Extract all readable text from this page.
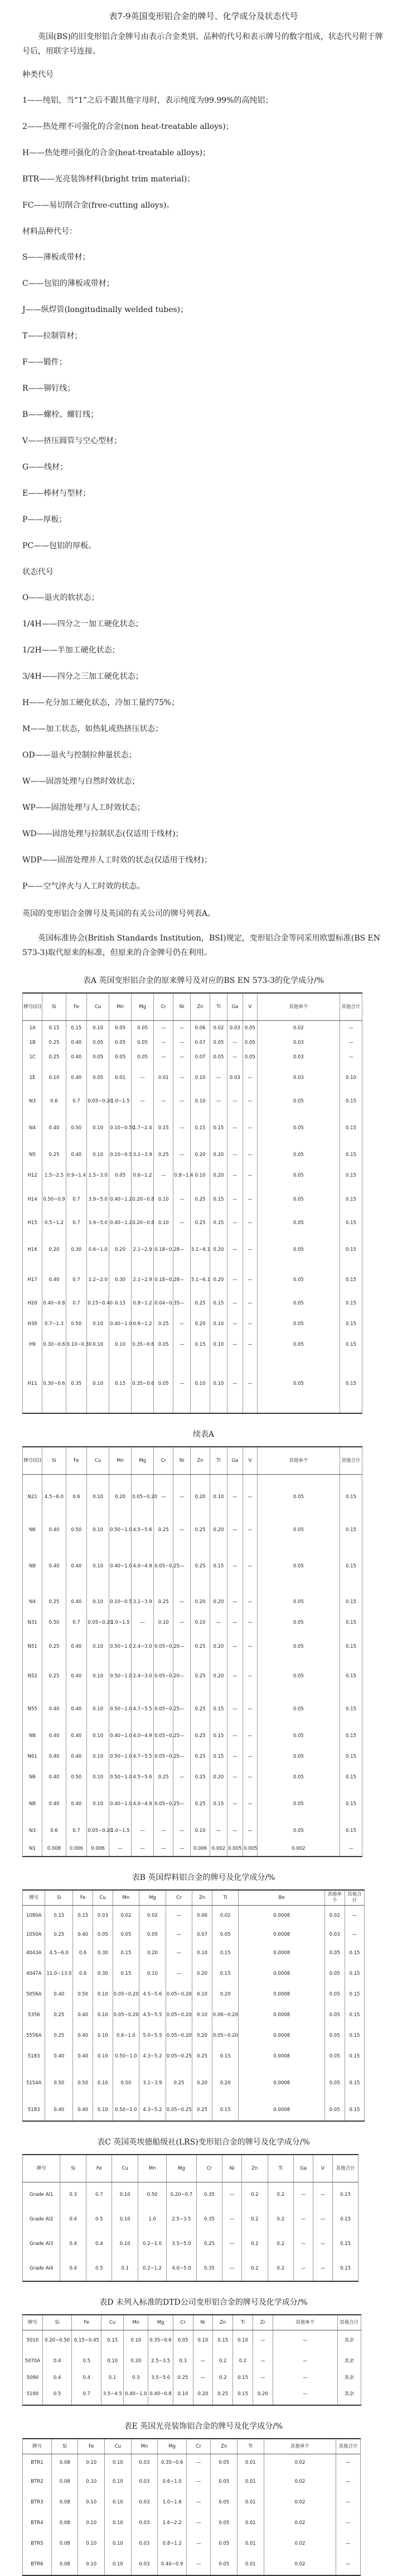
表7-9英国变形铝合金的牌号、化学成分及状态代号

英国(BS)的旧变形铝合金牌号由表示合金类别、品种的代号和表示牌号的数字组成，状态代号附于牌号后，用联字号连接。

种类代号
1——纯铝，当“1”之后不跟其他字母时，表示纯度为99.99%的高纯铝；
2——热处理不可强化的合金(non heat-treatable alloys)；
H——热处理可强化的合金(heat-treatable alloys)；
BTR——光亮装饰材料(bright trim material)；
FC——易切削合金(free-cutting alloys)。
材料品种代号：
S——薄板或带材；
C——包铝的薄板或带材；
J——纵焊管(longitudinally welded tubes)；
T——拉制管材；
F——锻件；
R——铆钉线；
B——螺栓、螺钉线；
V——挤压圆管与空心型材；
G——线材；
E——棒材与型材；
P——厚板；
PC——包铝的厚板。
状态代号
O——退火的软状态；
1/4H——四分之一加工硬化状态；
1/2H——半加工硬化状态；
3/4H——四分之三加工硬化状态；
H——充分加工硬化状态，冷加工量约75%；
M——加工状态，如热轧或热挤压状态；
OD——退火与控制拉伸量状态；
W——固溶处理与自然时效状态；
WP——固溶处理与人工时效状态；
WD——固溶处理与拉制状态(仅适用于线材)；
WDP——固溶处理并人工时效的状态(仅适用于线材)；
P——空气淬火与人工时效的状态。

英国的变形铝合金牌号及英国的有关公司的牌号列表A。

英国标准协会(British Standards Institution，BSI)规定，变形铝合金等同采用欧盟标准(BS EN 573-3)取代原来的标准，但原来的合金牌号仍在利用。

表A 英国变形铝合金的原来牌号及对应的BS EN 573-3的化学成分/%
牌号(旧)	Si	Fe	Cu	Mn	Mg	Cr	Ni	Zn	Ti	Ga	V		其他单个	其他合计
1A	0.15	0.15	0.10	0.05	0.05	—	—	0.06	0.02	0.03	0.05		0.02	—
1B	0.25	0.40	0.05	0.05	0.05	—	—	0.07	0.05	—	0.05		0.03	—
1C	0.25	0.40	0.05	0.05	0.05	—	—	0.07	0.05	—	0.05		0.03	—
1E	0.10	0.40	0.05	0.01	—	0.01	—	0.10	—	0.03	—		0.03	0.10
N3	0.6	0.7	0.05~0.20	1.0~1.5	—	—	—	0.10	—	—	—		0.05	0.15
N4	0.40	0.50	0.10	0.10~0.50	1.7~2.4	0.15	—	0.15	0.15	—	—		0.05	0.15
N5	0.25	0.40	0.10	0.10~0.5	3.1~3.9	0.25	—	0.20	0.20	—	—		0.05	0.15
H12	1.5~2.5	0.9~1.4	1.5~3.0	0.05	0.6~1.2	—	0.8~1.4	0.10	0.20	—	—		0.05	0.15
H14	0.50~0.9	0.7	3.9~5.0	0.40~1.2	0.20~0.8	0.10	—	0.25	0.15	—	—		0.05	0.15
H15	0.5~1.2	0.7	3.9~5.0	0.40~1.2	0.20~0.8	0.10	—	0.25	0.15	—	—		0.05	0.15
H16	0.20	0.30	0.6~1.0	0.20	2.1~2.9	0.18~0.28	—	5.1~6.1	0.20	—	—		0.05	0.15
H17	0.40	0.7	1.2~2.0	0.30	2.1~2.9	0.18~0.28	—	5.1~6.1	0.20	—	—		0.05	0.15
H20	0.40~0.8	0.7	0.15~0.40	0.15	0.8~1.2	0.04~0.35	—	0.25	0.15	—	—		0.05	0.15
H30	0.7~1.3	0.50	0.10	0.40~1.0	0.6~1.2	0.25	—	0.20	0.10	—	—		0.05	0.15
H9	0.30~0.6	0.10~0.30	0.10	0.10	0.35~0.6	0.05	—	0.15	0.10	—	—		0.05	0.15
H11	0.30~0.6	0.35	0.10	0.15	0.35~0.6	0.05	—	0.10	0.10	—	—		0.05	0.15
续表A
牌号(旧)	Si	Fe	Cu	Mn	Mg	Cr	Ni	Zn	Ti	Ga	V		其他单个	其他合计
N21	4.5~6.0	0.6	0.10	0.20	0.05~0.20	—	—	0.20	0.10	—	—		0.05	0.15
N6	0.40	0.50	0.10	0.50~1.0	4.5~5.6	0.25	—	0.25	0.20	—	—		0.05	0.15
N8	0.40	0.40	0.10	0.40~1.0	4.0~4.9	0.05~0.25	—	0.25	0.15	—	—		0.05	0.15
N4	0.25	0.40	0.10	0.10~0.5	3.1~3.9	0.25	—	0.20	0.20	—	—		0.05	0.15
N31	0.50	0.7	0.05~0.20	1.0~1.5	—	0.10	—	0.10	—	—	—		0.05	0.15
N51	0.25	0.40	0.10	0.50~1.0	2.4~3.0	0.05~0.20	—	0.25	0.20	—	—		0.05	0.15
N52	0.25	0.40	0.10	0.50~1.0	2.4~3.0	0.05~0.20	—	0.25	0.20	—	—		0.05	0.15
N55	0.40	0.40	0.10	0.50~1.0	4.7~5.5	0.05~0.25	—	0.25	0.15	—	—		0.05	0.15
N8	0.40	0.40	0.10	0.40~1.0	4.0~4.9	0.05~0.25	—	0.25	0.15	—	—		0.05	0.15
N61	0.40	0.40	0.10	0.50~1.0	4.7~5.5	0.05~0.25	—	0.25	0.15	—	—		0.05	0.15
N6	0.40	0.50	0.10	0.50~1.0	4.5~5.6	0.25	—	0.25	0.20	—	—		0.05	0.15
N8	0.40	0.40	0.10	0.40~1.0	4.0~4.9	0.05~0.25	—	0.25	0.15	—	—		0.05	0.15
N3	0.6	0.7	0.05~0.20	1.0~1.5	—	—	—	0.10	—	—	—		0.05	0.15
N1	0.008	0.006	0.006	—	—	—	—	0.006	0.002	0.005	0.005		0.002	—
表B 英国焊料铝合金的牌号及化学成分/%
牌号	Si	Fe	Cu	Mn	Mg	Cr	Zn	Ti		Be	其他单个	其他合计
1080A	0.15	0.15	0.03	0.02	0.02	—	0.06	0.02		0.0008	0.02	—
1050A	0.25	0.40	0.05	0.05	0.05	—	0.07	0.05		0.0008	0.03	—
4043A	4.5~6.0	0.6	0.30	0.15	0.20	—	0.10	0.15		0.0008	0.05	0.15
4047A	11.0~13.0	0.6	0.30	0.15	0.10	—	0.20	0.15		0.0008	0.05	0.15
5056A	0.40	0.50	0.10	0.05~0.20	4.5~5.6	0.05~0.20	0.10	0.20		0.0008	0.05	0.15
5356	0.25	0.40	0.10	0.05~0.20	4.5~5.5	0.05~0.20	0.10	0.06~0.20		0.0008	0.05	0.15
5556A	0.25	0.40	0.10	0.6~1.0	5.0~5.5	0.05~0.20	0.20	0.05~0.20		0.0008	0.05	0.15
5183	0.40	0.40	0.10	0.50~1.0	4.3~5.2	0.05~0.25	0.25	0.15		0.0008	0.05	0.15
5154A	0.50	0.50	0.10	0.50	3.1~3.9	0.25	0.20	0.20		0.0008	0.05	0.15
5183	0.40	0.40	0.10	0.50~1.0	4.3~5.2	0.05~0.25	0.25	0.15		0.0008	0.05	0.15
表C 英国英埃德船级社(LRS)变形铝合金的牌号及化学成分/%
牌号	Si	Fe	Cu	Mn	Mg	Cr	Ni	Zn	Ti	Ga	V		其他合计
Grade Al1	0.3	0.7	0.10	0.50	0.20~0.7	0.35	—	0.2	0.2	—	—		0.15
Grade Al2	0.4	0.5	0.10	1.0	2.5~3.5	0.35	—	0.2	0.2	—	—		0.15
Grade Al3	0.4	0.4	0.10	0.2~1.0	3.5~5.0	0.25	—	0.2	0.2	—	—		0.15
Grade Al4	0.4	0.5	0.1	0.2~1.2	4.0~5.0	0.35	—	0.2	0.2	—	—		0.15
表D 未列入标准的DTD公司变形铝合金的牌号及化学成分/%
牌号	Si	Fe	Cu	Mn	Mg	Cr	Ni	Zn	Ti	Zr		其他单个	其他合计
5010	0.20~0.50	0.15~0.45	0.15	0.10	0.35~0.6	0.05	0.10	0.15	0.10	—		—	其余
5070A	0.4	0.5	0.10	0.20	2.5~3.5	0.3	—	0.2	0.2	—		—	其余
5090	0.4	0.4	0.1	0.3	3.5~5.0	0.25	—	0.2	0.15	—		—	其余
5100	0.5	0.7	3.5~4.5	0.40~1.0	0.40~0.8	0.10	0.20	0.25	0.15	0.20		—	其余
表E 英国光亮装饰铝合金的牌号及化学成分/%
牌号	Si	Fe	Cu	Mn	Mg	Cr	Zn	Ti		其他单个	其他合计
BTR1	0.08	0.10	0.10	0.03	0.35~0.6	—	0.05	0.01		0.02	—
BTR2	0.08	0.10	0.10	0.03	0.6~1.0	—	0.05	0.01		0.02	—
BTR3	0.08	0.10	0.10	0.03	1.0~1.6	—	0.05	0.01		0.02	—
BTR4	0.08	0.10	0.10	0.03	1.6~2.2	—	0.05	0.01		0.02	—
BTR5	0.08	0.10	0.10	0.03	0.8~1.2	—	0.05	0.01		0.02	—
BTR6	0.08	0.10	0.10	0.03	0.40~0.9	—	0.05	0.01		0.02	—
